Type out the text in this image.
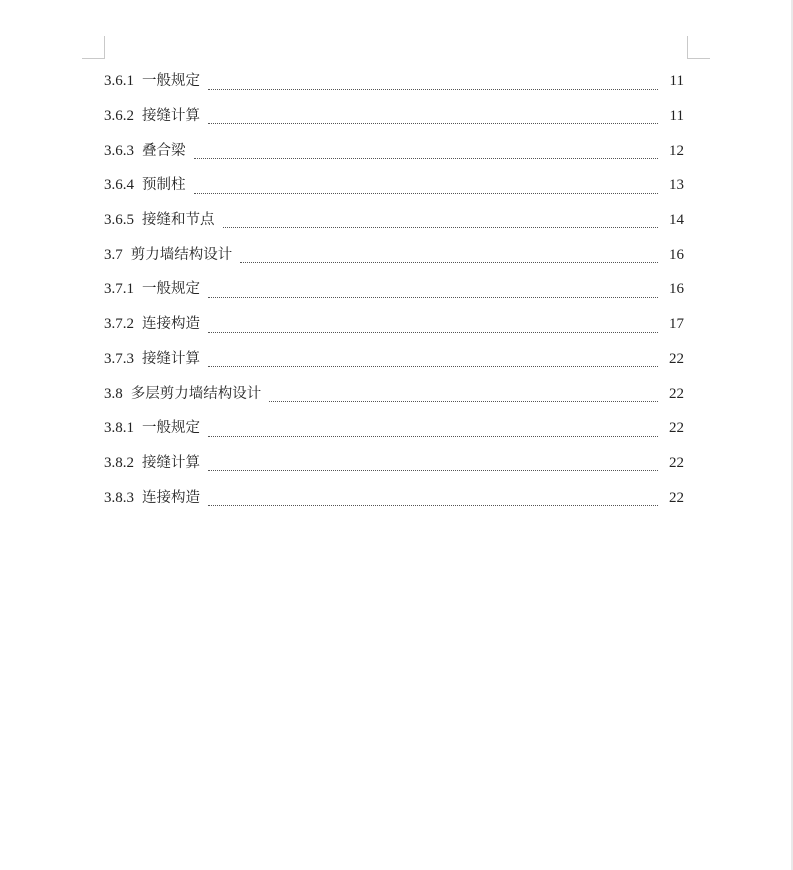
3.6.1 一般规定	11
3.6.2 接缝计算	11
3.6.3 叠合梁	12
3.6.4 预制柱	13
3.6.5 接缝和节点	14
3.7 剪力墙结构设计	16
3.7.1 一般规定	16
3.7.2 连接构造	17
3.7.3 接缝计算	22
3.8 多层剪力墙结构设计	22
3.8.1 一般规定	22
3.8.2 接缝计算	22
3.8.3 连接构造	22
